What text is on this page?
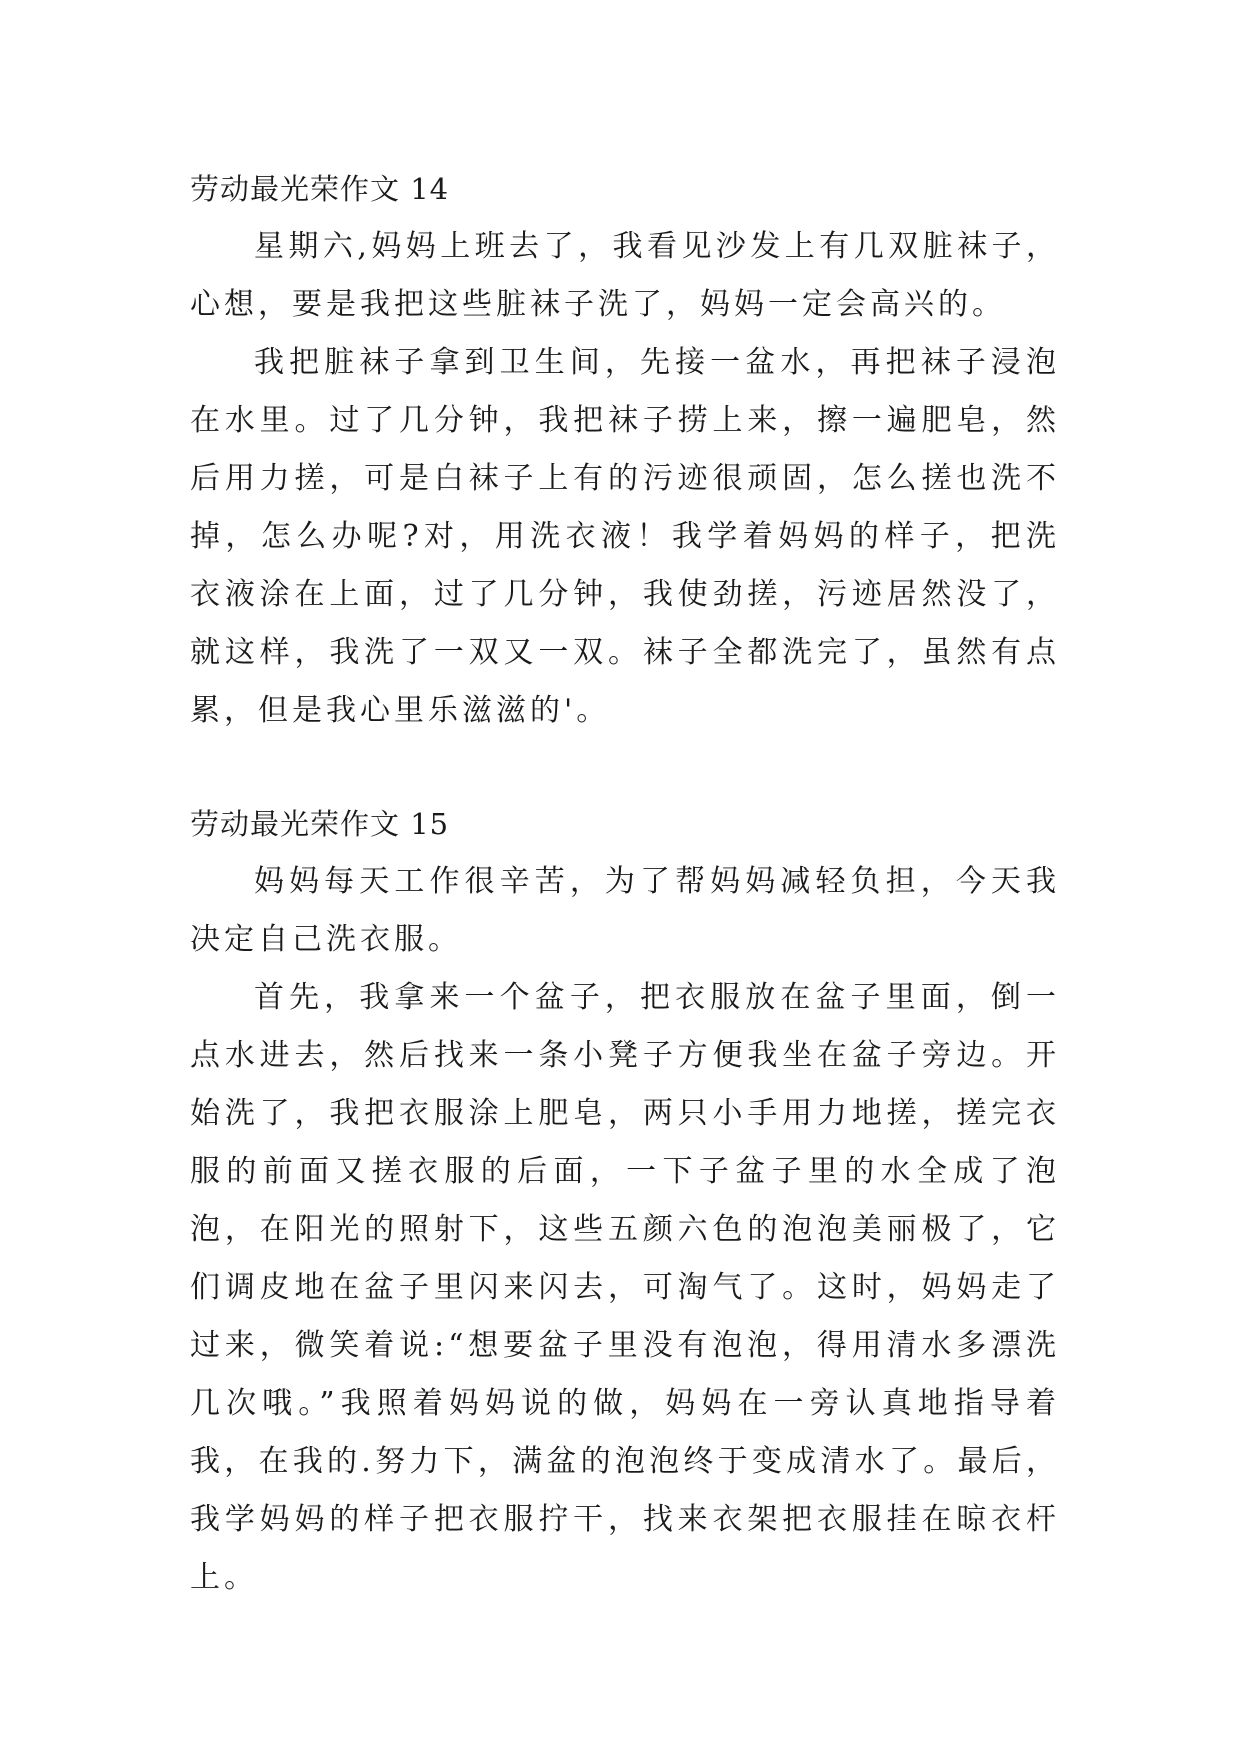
劳动最光荣作文 14

星期六,妈妈上班去了，我看见沙发上有几双脏袜子，心想，要是我把这些脏袜子洗了，妈妈一定会高兴的。

我把脏袜子拿到卫生间，先接一盆水，再把袜子浸泡在水里。过了几分钟，我把袜子捞上来，擦一遍肥皂，然后用力搓，可是白袜子上有的污迹很顽固，怎么搓也洗不掉，怎么办呢?对，用洗衣液！我学着妈妈的样子，把洗衣液涂在上面，过了几分钟，我使劲搓，污迹居然没了，就这样，我洗了一双又一双。袜子全都洗完了，虽然有点累，但是我心里乐滋滋的'。

劳动最光荣作文 15

妈妈每天工作很辛苦，为了帮妈妈减轻负担，今天我决定自己洗衣服。

首先，我拿来一个盆子，把衣服放在盆子里面，倒一点水进去，然后找来一条小凳子方便我坐在盆子旁边。开始洗了，我把衣服涂上肥皂，两只小手用力地搓，搓完衣服的前面又搓衣服的后面，一下子盆子里的水全成了泡泡，在阳光的照射下，这些五颜六色的泡泡美丽极了，它们调皮地在盆子里闪来闪去，可淘气了。这时，妈妈走了过来，微笑着说:“想要盆子里没有泡泡，得用清水多漂洗几次哦。”我照着妈妈说的做，妈妈在一旁认真地指导着我，在我的.努力下，满盆的泡泡终于变成清水了。最后，我学妈妈的样子把衣服拧干，找来衣架把衣服挂在晾衣杆上。
